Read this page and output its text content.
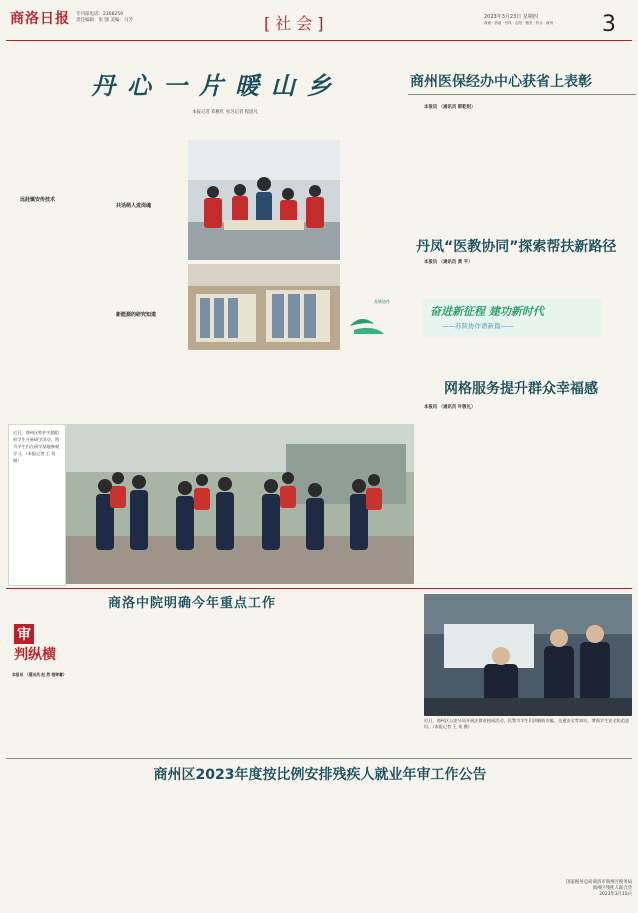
商洛日报 专刊部电话：2368259
责任编辑：张 强 美编：马芳	[社会]	2023年3月23日 星期四
商南 · 洛南 · 丹凤 · 山阳 · 镇安 · 柞水 · 商州 3
丹心一片暖山乡
本报记者 邓桃红 见习记者 程思凡
远赴镇安传技术
共话萌人进岗魂
新能源的研究知道
商州医保经办中心获省上表彰
本报讯 （通讯员 郭乾则）
丹凤“医教协同”探索帮扶新路径
本报讯 （通讯员 黄 平）
苏陕协作
奋进新征程 建功新时代
——苏陕协作谱新篇——
网格服务提升群众幸福感
本报讯 （通讯员 叶敬礼）
近日，商州区牧护关镇组织学生开展研学活动。图为学生们在研学基地参观学习。（本报记者 王 英 摄）
商洛中院明确今年重点工作
审
判纵横
本报讯 （通讯员 赵 然 程钟庸）
近日，商州区公安分局开展法律进校园活动，民警为学生们讲解防诈骗、交通安全等知识，增强学生安全防范意识。（本报记者 王 英 摄）
商州区2023年度按比例安排残疾人就业年审工作公告
国家税务总局商洛市商州区税务局
商州区残疾人联合会
2023年3月15日
